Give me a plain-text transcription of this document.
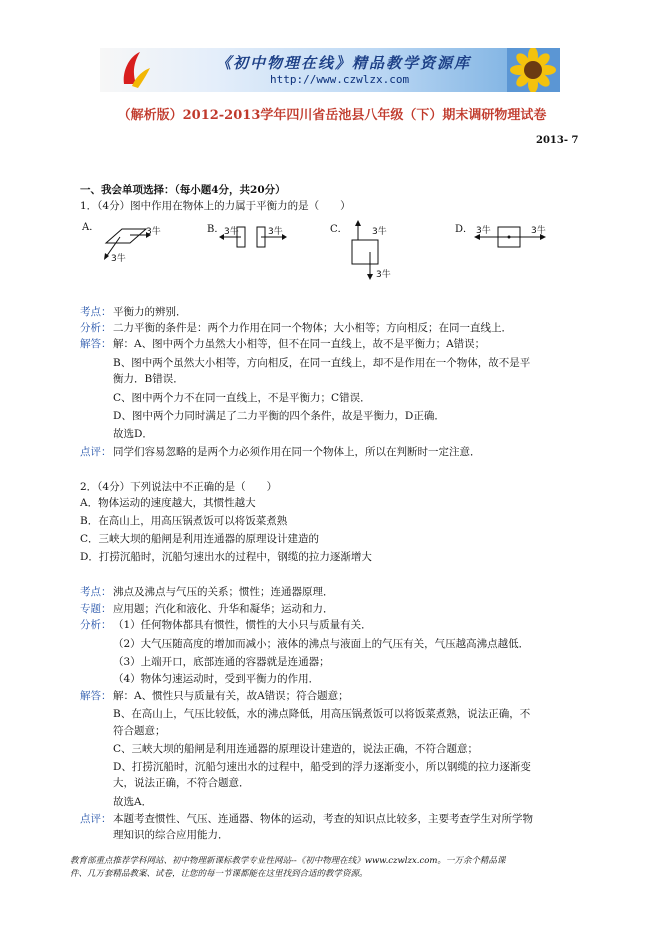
《初中物理在线》精品教学资源库
http://www.czwlzx.com
（解析版）2012-2013学年四川省岳池县八年级（下）期末调研物理试卷
2013- 7
一、我会单项选择：（每小题4分，共20分）
1．（4分）图中作用在物体上的力属于平衡力的是（　　）
A．	3牛
3牛
B． 3牛	3牛	C．	3牛
3牛
D． 3牛	3牛
考点： 平衡力的辨别．
分析： 二力平衡的条件是：两个力作用在同一个物体；大小相等；方向相反；在同一直线上．
解答： 解：A、图中两个力虽然大小相等，但不在同一直线上，故不是平衡力；A错误；
B、图中两个虽然大小相等，方向相反，在同一直线上，却不是作用在一个物体，故不是平
衡力．B错误．
C、图中两个力不在同一直线上，不是平衡力；C错误．
D、图中两个力同时满足了二力平衡的四个条件，故是平衡力，D正确．
故选D．
点评： 同学们容易忽略的是两个力必须作用在同一个物体上，所以在判断时一定注意．
2．（4分）下列说法中不正确的是（　　）
A．物体运动的速度越大，其惯性越大
B．在高山上，用高压锅煮饭可以将饭菜煮熟
C．三峡大坝的船闸是利用连通器的原理设计建造的
D．打捞沉船时，沉船匀速出水的过程中，钢缆的拉力逐渐增大
考点： 沸点及沸点与气压的关系；惯性；连通器原理．
专题： 应用题；汽化和液化、升华和凝华；运动和力．
分析： （1）任何物体都具有惯性，惯性的大小只与质量有关．
（2）大气压随高度的增加而减小；液体的沸点与液面上的气压有关，气压越高沸点越低．
（3）上端开口，底部连通的容器就是连通器；
（4）物体匀速运动时，受到平衡力的作用．
解答： 解：A、惯性只与质量有关，故A错误；符合题意；
B、在高山上，气压比较低，水的沸点降低，用高压锅煮饭可以将饭菜煮熟，说法正确，不
符合题意；
C、三峡大坝的船闸是利用连通器的原理设计建造的，说法正确，不符合题意；
D、打捞沉船时，沉船匀速出水的过程中，船受到的浮力逐渐变小，所以钢缆的拉力逐渐变
大，说法正确，不符合题意．
故选A．
点评： 本题考查惯性、气压、连通器、物体的运动，考查的知识点比较多，主要考查学生对所学物
理知识的综合应用能力．
教育部重点推荐学科网站、初中物理新课标教学专业性网站--《初中物理在线》www.czwlzx.com。一万余个精品课
件、几万套精品教案、试卷，让您的每一节课都能在这里找到合适的教学资源。
